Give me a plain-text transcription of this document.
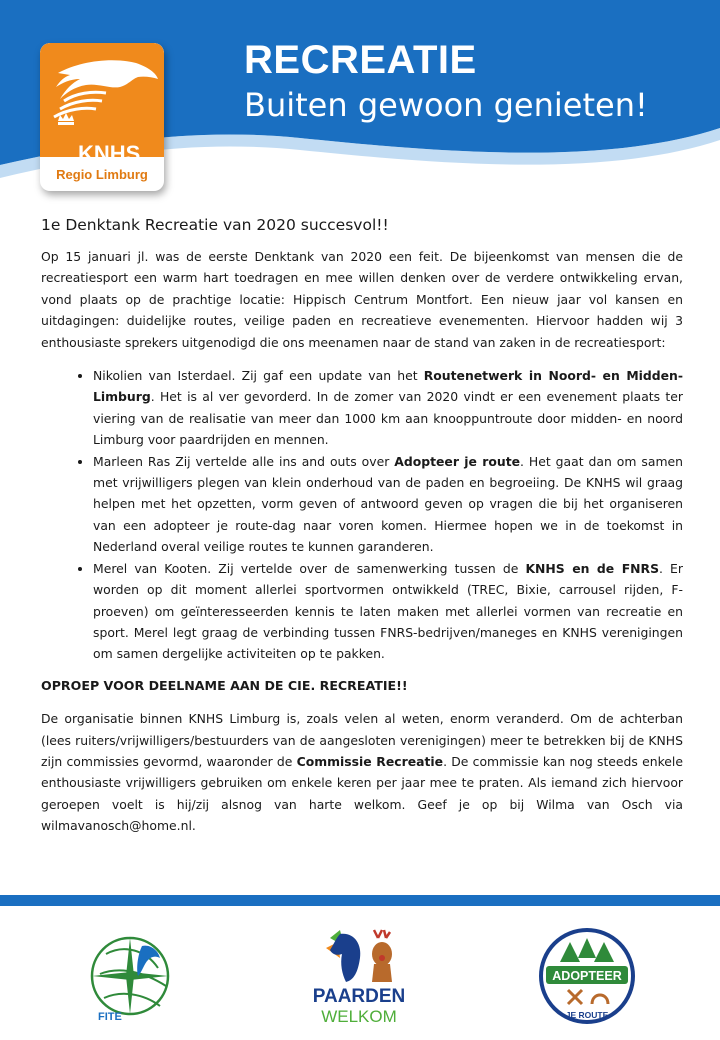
RECREATIE
Buiten gewoon genieten!
KNHS
Regio Limburg
1e Denktank Recreatie van 2020 succesvol!!

Op 15 januari jl. was de eerste Denktank van 2020 een feit. De bijeenkomst van mensen die de recreatiesport een warm hart toedragen en mee willen denken over de verdere ontwikkeling ervan, vond plaats op de prachtige locatie: Hippisch Centrum Montfort. Een nieuw jaar vol kansen en uitdagingen: duidelijke routes, veilige paden en recreatieve evenementen. Hiervoor hadden wij 3 enthousiaste sprekers uitgenodigd die ons meenamen naar de stand van zaken in de recreatiesport:

• Nikolien van Isterdael. Zij gaf een update van het Routenetwerk in Noord- en Midden-Limburg. Het is al ver gevorderd. In de zomer van 2020 vindt er een evenement plaats ter viering van de realisatie van meer dan 1000 km aan knooppuntroute door midden- en noord Limburg voor paardrijden en mennen.
• Marleen Ras Zij vertelde alle ins and outs over Adopteer je route. Het gaat dan om samen met vrijwilligers plegen van klein onderhoud van de paden en begroeiing. De KNHS wil graag helpen met het opzetten, vorm geven of antwoord geven op vragen die bij het organiseren van een adopteer je route-dag naar voren komen. Hiermee hopen we in de toekomst in Nederland overal veilige routes te kunnen garanderen.
• Merel van Kooten. Zij vertelde over de samenwerking tussen de KNHS en de FNRS. Er worden op dit moment allerlei sportvormen ontwikkeld (TREC, Bixie, carrousel rijden, F-proeven) om geïnteresseerden kennis te laten maken met allerlei vormen van recreatie en sport. Merel legt graag de verbinding tussen FNRS-bedrijven/maneges en KNHS verenigingen om samen dergelijke activiteiten op te pakken.
OPROEP VOOR DEELNAME AAN DE CIE. RECREATIE!!

De organisatie binnen KNHS Limburg is, zoals velen al weten, enorm veranderd. Om de achterban (lees ruiters/vrijwilligers/bestuurders van de aangesloten verenigingen) meer te betrekken bij de KNHS zijn commissies gevormd, waaronder de Commissie Recreatie. De commissie kan nog steeds enkele enthousiaste vrijwilligers gebruiken om enkele keren per jaar mee te praten. Als iemand zich hiervoor geroepen voelt is hij/zij alsnog van harte welkom. Geef je op bij Wilma van Osch via wilmavanosch@home.nl.

FITE
PAARDEN
WELKOM
ADOPTEER
JE ROUTE
